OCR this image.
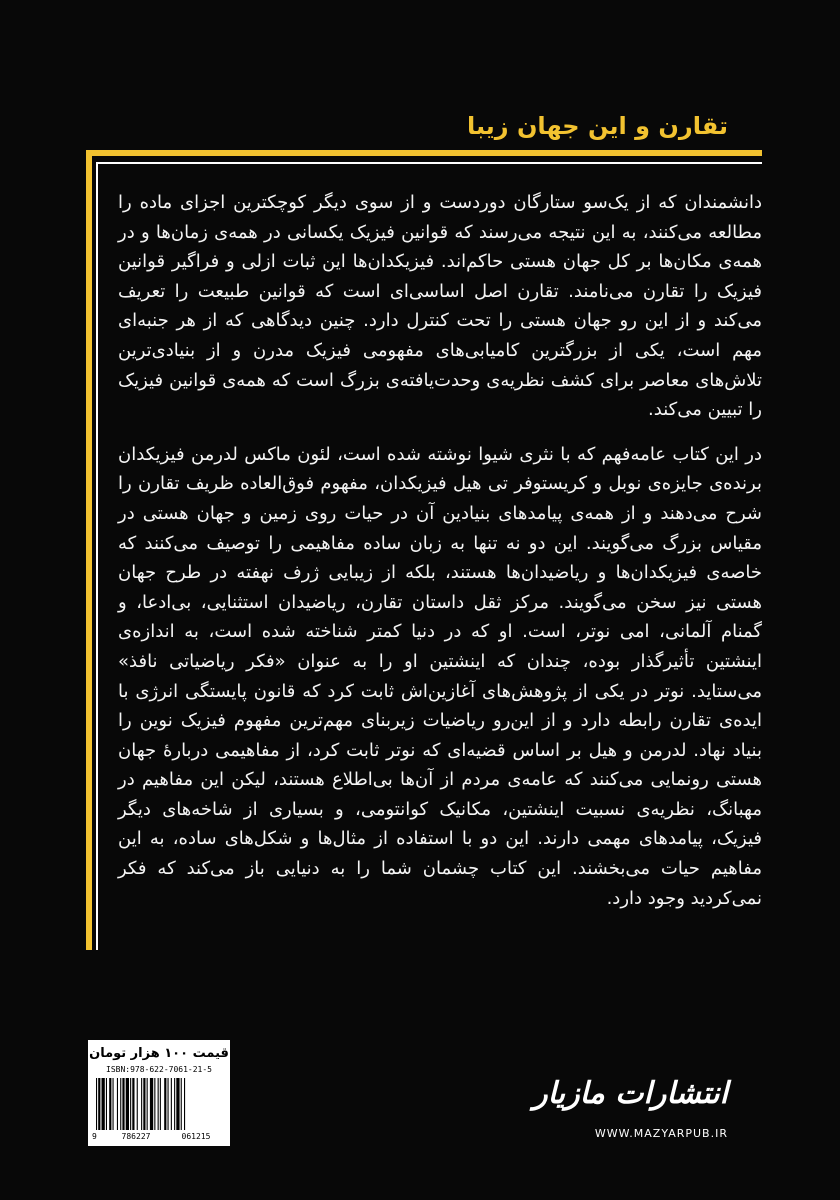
تقارن و این جهان زیبا

دانشمندان که از یک‌سو ستارگان دوردست و از سوی دیگر کوچکترین اجزای ماده را مطالعه می‌کنند، به این نتیجه می‌رسند که قوانین فیزیک یکسانی در همه‌ی زمان‌ها و در همه‌ی مکان‌ها بر کل جهان هستی حاکم‌اند. فیزیکدان‌ها این ثبات ازلی و فراگیر قوانین فیزیک را تقارن می‌نامند. تقارن اصل اساسی‌ای است که قوانین طبیعت را تعریف می‌کند و از این رو جهان هستی را تحت کنترل دارد. چنین دیدگاهی که از هر جنبه‌ای مهم است، یکی از بزرگترین کامیابی‌های مفهومی فیزیک مدرن و از بنیادی‌ترین تلاش‌های معاصر برای کشف نظریه‌ی وحدت‌یافته‌ی بزرگ است که همه‌ی قوانین فیزیک را تبیین می‌کند.

در این کتاب عامه‌فهم که با نثری شیوا نوشته شده است، لئون ماکس لدرمن فیزیکدان برنده‌ی جایزه‌ی نوبل و کریستوفر تی هیل فیزیکدان، مفهوم فوق‌العاده ظریف تقارن را شرح می‌دهند و از همه‌ی پیامدهای بنیادین آن در حیات روی زمین و جهان هستی در مقیاس بزرگ می‌گویند. این دو نه تنها به زبان ساده مفاهیمی را توصیف می‌کنند که خاصه‌ی فیزیکدان‌ها و ریاضیدان‌ها هستند، بلکه از زیبایی ژرف نهفته در طرح جهان هستی نیز سخن می‌گویند. مرکز ثقل داستان تقارن، ریاضیدان استثنایی، بی‌ادعا، و گمنام آلمانی، امی نوتر، است. او که در دنیا کمتر شناخته شده است، به اندازه‌ی اینشتین تأثیرگذار بوده، چندان که اینشتین او را به عنوان «فکر ریاضیاتی نافذ» می‌ستاید. نوتر در یکی از پژوهش‌های آغازین‌اش ثابت کرد که قانون پایستگی انرژی با ایده‌ی تقارن رابطه دارد و از این‌رو ریاضیات زیربنای مهم‌ترین مفهوم فیزیک نوین را بنیاد نهاد. لدرمن و هیل بر اساس قضیه‌ای که نوتر ثابت کرد، از مفاهیمی دربارهٔ جهان هستی رونمایی می‌کنند که عامه‌ی مردم از آن‌ها بی‌اطلاع هستند، لیکن این مفاهیم در مهبانگ، نظریه‌ی نسبیت اینشتین، مکانیک کوانتومی، و بسیاری از شاخه‌های دیگر فیزیک، پیامدهای مهمی دارند. این دو با استفاده از مثال‌ها و شکل‌های ساده، به این مفاهیم حیات می‌بخشند. این کتاب چشمان شما را به دنیایی باز می‌کند که فکر نمی‌کردید وجود دارد.

قیمت ۱۰۰ هزار تومان
ISBN:978-622-7061-21-5
9	786227	061215
انتشارات مازیار
WWW.MAZYARPUB.IR
